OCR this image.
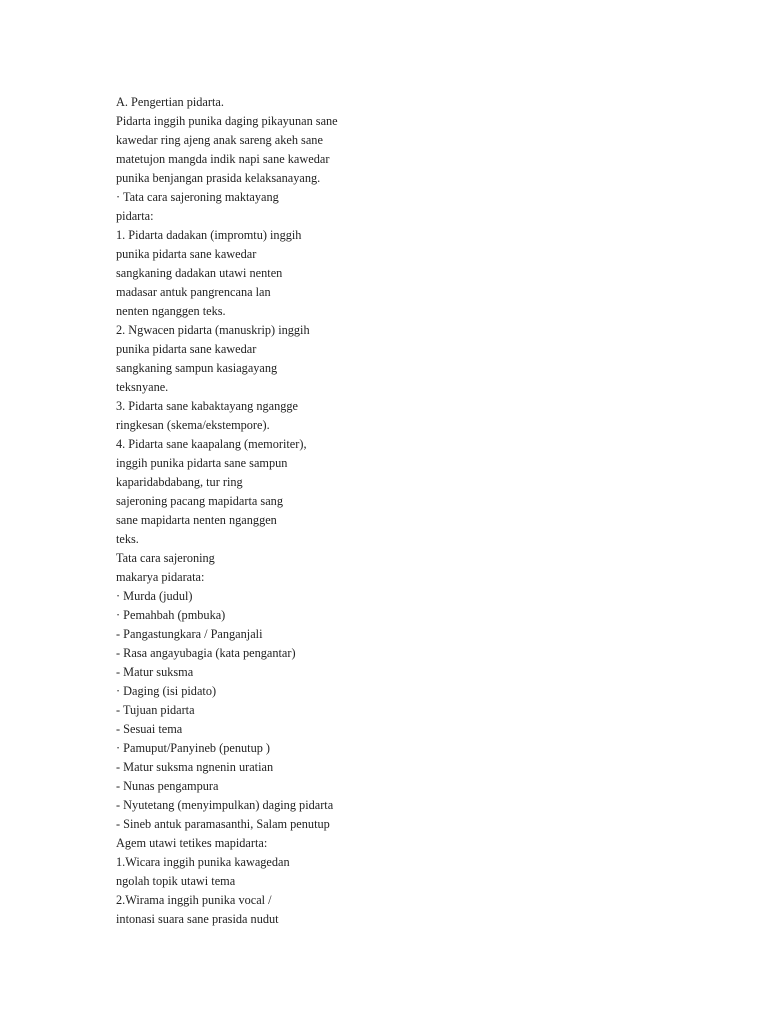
A. Pengertian pidarta.
Pidarta inggih punika daging pikayunan sane
kawedar ring ajeng anak sareng akeh sane
matetujon mangda indik napi sane kawedar
punika benjangan prasida kelaksanayang.
· Tata cara sajeroning maktayang
pidarta:
1. Pidarta dadakan (impromtu) inggih
punika pidarta sane kawedar
sangkaning dadakan utawi nenten
madasar antuk pangrencana lan
nenten nganggen teks.
2. Ngwacen pidarta (manuskrip) inggih
punika pidarta sane kawedar
sangkaning sampun kasiagayang
teksnyane.
3. Pidarta sane kabaktayang ngangge
ringkesan (skema/ekstempore).
4. Pidarta sane kaapalang (memoriter),
inggih punika pidarta sane sampun
kaparidabdabang, tur ring
sajeroning pacang mapidarta sang
sane mapidarta nenten nganggen
teks.
Tata cara sajeroning
makarya pidarata:
· Murda (judul)
· Pemahbah (pmbuka)
- Pangastungkara / Panganjali
- Rasa angayubagia (kata pengantar)
- Matur suksma
· Daging (isi pidato)
- Tujuan pidarta
- Sesuai tema
· Pamuput/Panyineb (penutup )
- Matur suksma ngnenin uratian
- Nunas pengampura
- Nyutetang (menyimpulkan) daging pidarta
- Sineb antuk paramasanthi, Salam penutup
Agem utawi tetikes mapidarta:
1.Wicara inggih punika kawagedan
ngolah topik utawi tema
2.Wirama inggih punika vocal /
intonasi suara sane prasida nudut
